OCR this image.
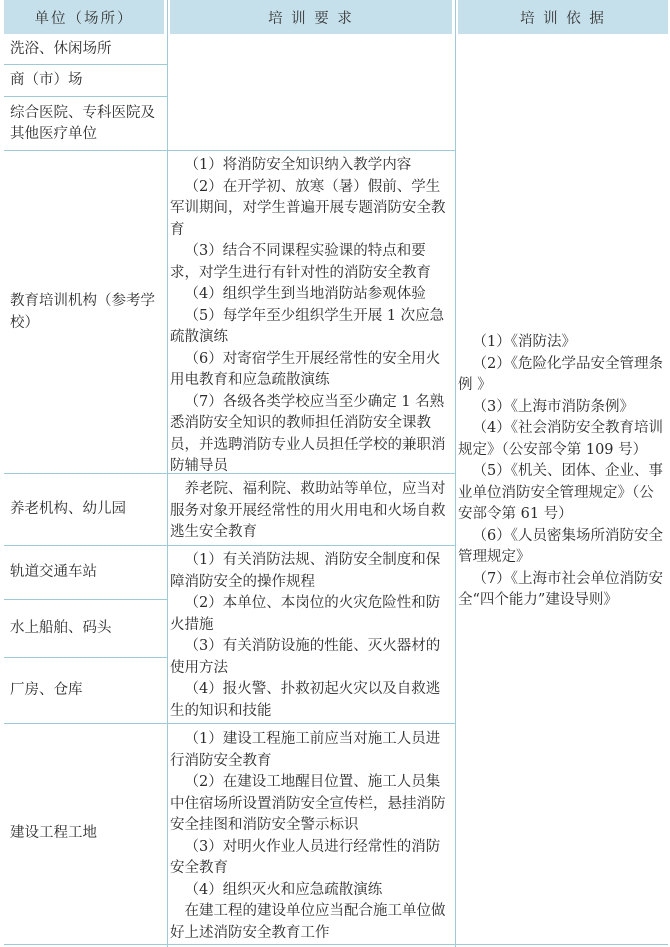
单位（场所）	培 训 要 求	培 训 依 据
洗浴、休闲场所
商（市）场
综合医院、专科医院及其他医疗单位
教育培训机构（参考学校）
养老机构、幼儿园
轨道交通车站
水上船舶、码头
厂房、仓库
建设工程工地
（1）将消防安全知识纳入教学内容
（2）在开学初、放寒（暑）假前、学生军训期间，对学生普遍开展专题消防安全教育
（3）结合不同课程实验课的特点和要求，对学生进行有针对性的消防安全教育
（4）组织学生到当地消防站参观体验
（5）每学年至少组织学生开展 1 次应急疏散演练
（6）对寄宿学生开展经常性的安全用火用电教育和应急疏散演练
（7）各级各类学校应当至少确定 1 名熟悉消防安全知识的教师担任消防安全课教员，并选聘消防专业人员担任学校的兼职消防辅导员
养老院、福利院、救助站等单位，应当对服务对象开展经常性的用火用电和火场自救逃生安全教育
（1）有关消防法规、消防安全制度和保障消防安全的操作规程
（2）本单位、本岗位的火灾危险性和防火措施
（3）有关消防设施的性能、灭火器材的使用方法
（4）报火警、扑救初起火灾以及自救逃生的知识和技能
（1）建设工程施工前应当对施工人员进行消防安全教育
（2）在建设工地醒目位置、施工人员集中住宿场所设置消防安全宣传栏，悬挂消防安全挂图和消防安全警示标识
（3）对明火作业人员进行经常性的消防安全教育
（4）组织灭火和应急疏散演练
在建工程的建设单位应当配合施工单位做好上述消防安全教育工作
（1）《消防法》
（2）《危险化学品安全管理条例 》
（3）《上海市消防条例》
（4）《社会消防安全教育培训规定》（公安部令第 109 号）
（5）《机关、团体、企业、事业单位消防安全管理规定》（公安部令第 61 号）
（6）《人员密集场所消防安全管理规定》
（7）《上海市社会单位消防安全“四个能力”建设导则》
